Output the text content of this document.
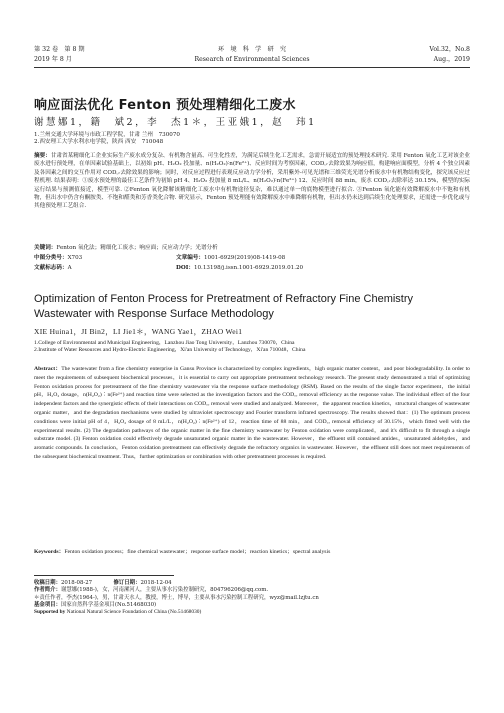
第 32 卷　第 8 期	环　境　科　学　研　究	Vol.32，No.8
2019 年 8 月	Research of Environmental Sciences	Aug.，2019
响应面法优化 Fenton 预处理精细化工废水
谢慧娜1，籍　斌2，李　杰1＊，王亚娥1，赵　玮1
1.兰州交通大学环境与市政工程学院，甘肃 兰州　730070
2.西安理工大学水利水电学院，陕西 西安　710048
摘要：甘肃省某精细化工企业实际生产废水成分复杂、有机物含量高、可生化性差，为满足后续生化工艺需求，急需开展适宜的预处理技术研究. 采用 Fenton 氧化工艺对该企业废水进行预处理，在单因素试验基础上，以初始 pH、H₂O₂ 投加量、n(H₂O₂)∶n(Fe²⁺)、反应时间为考察因素，COD꜀ᵣ去除效果为响应值，构建响应面模型，分析 4 个独立因素及各因素之间的交互作用对 COD꜀ᵣ去除效果的影响；同时，对反应过程进行表观反应动力学分析，采用紫外-可见光谱和三维荧光光谱分析废水中有机物结构变化，探究该反应过程机理. 结果表明：①废水预处理的最佳工艺条件为初始 pH 4、H₂O₂ 投加量 8 mL/L、n(H₂O₂)∶n(Fe²⁺) 12、反应时间 88 min，废水 COD꜀ᵣ去除率达 30.15%，模型的实际运行结果与预测值接近，模型可靠. ②Fenton 氧化降解该精细化工废水中有机物途径复杂，难以通过单一的底物模型进行拟合. ③Fenton 氧化能有效降解废水中不饱和有机物，但出水中仍含有酮胺类、不饱和醛类和芳香类化合物. 研究显示，Fenton 预处理能有效降解废水中难降解有机物，但出水仍未达到后续生化处理要求，还需进一步优化或与其他预处理工艺组合.
关键词：Fenton 氧化法；精细化工废水；响应面；反应动力学；光谱分析
中图分类号：X703	文章编号：1001-6929(2019)08-1419-08
文献标志码：A	DOI：10.13198/j.issn.1001-6929.2019.01.20
Optimization of Fenton Process for Pretreatment of Refractory Fine Chemistry Wastewater with Response Surface Methodology
XIE Huina1，JI Bin2，LI Jie1＊，WANG Yae1，ZHAO Wei1
1.College of Environmental and Municipal Engineering，Lanzhou Jiao Tong University，Lanzhou 730070，China
2.Institute of Water Resources and Hydro-Electric Engineering，Xi'an University of Technology，Xi'an 710048，China
Abstract：The wastewater from a fine chemistry enterprise in Gansu Province is characterized by complex ingredients，high organic matter content，and poor biodegradability. In order to meet the requirements of subsequent biochemical processes，it is essential to carry out appropriate pretreatment technology research. The present study demonstrated a trial of optimizing Fenton oxidation process for pretreatment of the fine chemistry wastewater via the response surface methodology (RSM). Based on the results of the single factor experiment，the initial pH，H₂O₂ dosage，n(H₂O₂)∶n(Fe²⁺) and reaction time were selected as the investigation factors and the COD꜀ᵣ removal efficiency as the response value. The individual effect of the four independent factors and the synergistic effects of their interactions on COD꜀ᵣ removal were studied and analyzed. Moreover，the apparent reaction kinetics，structural changes of wastewater organic matter，and the degradation mechanisms were studied by ultraviolet spectroscopy and Fourier transform infrared spectroscopy. The results showed that：(1) The optimum process conditions were initial pH of 4，H₂O₂ dosage of 8 mL/L，n(H₂O₂)∶n(Fe²⁺) of 12，reaction time of 88 min，and COD꜀ᵣ removal efficiency of 30.15%，which fitted well with the experimental results. (2) The degradation pathways of the organic matter in the fine chemistry wastewater by Fenton oxidation were complicated，and it's difficult to fit through a single substrate model. (3) Fenton oxidation could effectively degrade unsaturated organic matter in the wastewater. However，the effluent still contained amides，unsaturated aldehydes，and aromatic compounds. In conclusion，Fenton oxidation pretreatment can effectively degrade the refractory organics in wastewater. However，the effluent still does not meet requirements of the subsequent biochemical treatment. Thus，further optimization or combination with other pretreatment processes is required.
Keywords：Fenton oxidation process；fine chemical wastewater；response surface model；reaction kinetics；spectral analysis
收稿日期：2018-08-27	修订日期：2018-12-04
作者简介：谢慧娜(1988-)，女，河南漯河人，主要从事水污染控制研究，804796206@qq.com.
＊责任作者，李杰(1964-)，男，甘肃天水人，教授，博士，博导，主要从事水污染控制工程研究，wyz@mail.lzjtu.cn
基金项目：国家自然科学基金项目(No.51468030)
Supported by National Natural Science Foundation of China (No.51468030)
